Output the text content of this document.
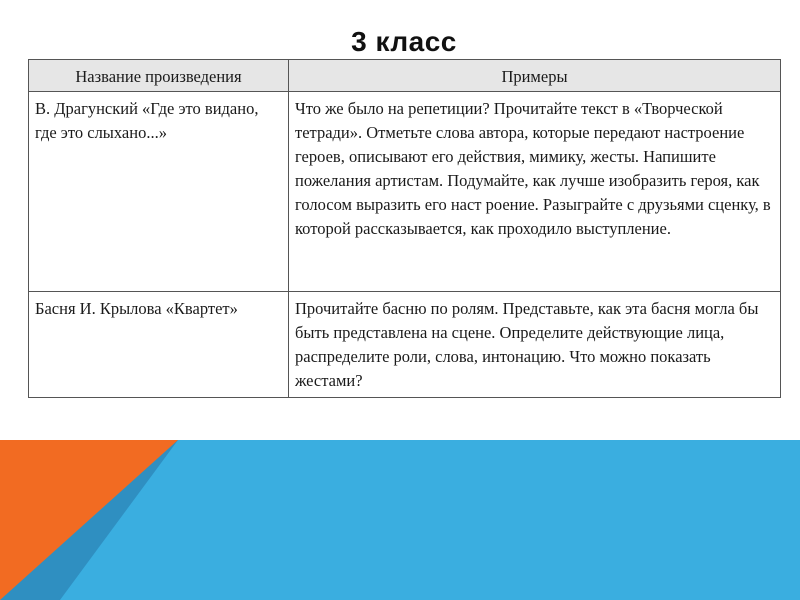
3 класс
Название произведения	Примеры
В. Драгунский «Где это видано, где это слыхано...»	Что же было на репетиции? Прочитайте текст в «Творческой тетради». Отметьте слова автора, которые передают настроение героев, описывают его действия, мимику, жесты. Напишите пожелания артистам. Подумайте, как лучше изобразить героя, как голосом выразить его наст роение. Разыграйте с друзьями сценку, в которой рассказывается, как проходило выступление.
Басня И. Крылова «Квартет»	Прочитайте басню по ролям. Представьте, как эта басня могла бы быть представлена на сцене. Определите действующие лица, распределите роли, слова, интонацию. Что можно показать жестами?
